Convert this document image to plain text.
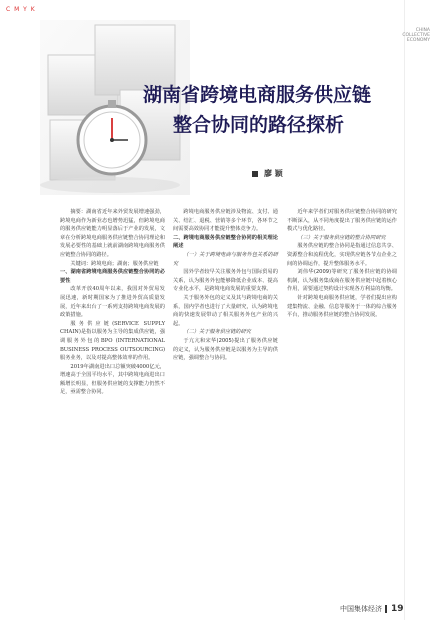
C M Y K
CHINA COLLECTIVE ECONOMY
湖南省跨境电商服务供应链
整合协同的路径探析
廖 颖

摘要：湖南省近年来外贸发展增速强劲，跨境电商作为新业态也增势迅猛，但跨境电商的服务供应链能力明显落后于产业的发展，文章在分析跨境电商服务供应链整合协同理论和发展必要性的基础上就前湖南跨境电商服务供应链整合协同的路径。

关键词：跨境电商；湖南；服务供应链

一、湖南省跨境电商服务供应链整合协同的必要性

改革开放40周年以来，我国对外贸易发展迅速，新时期国家为了推进外贸高质量发展，近年来出台了一系列支持跨境电商发展的政策措施。

服务供应链(SERVICE SUPPLY CHAIN)是指以服务为主导的集成供应链，强调服务外包的BPO (INTERNATIONAL BUSINESS PROCESS OUTSOURCING)服务业务，以及对提高整体效率的作用。

2019年湖南进出口总额突破4000亿元，增速高于全国平均水平，其中跨境电商进出口额增长明显，但服务供应链的支撑能力仍然不足，亟需整合协同。

跨境电商服务供应链涉及物流、支付、通关、结汇、退税、营销等多个环节，各环节之间需要高效协同才能提升整体竞争力。

二、跨境电商服务供应链整合协同的相关理论阐述

（一）关于跨境电商与服务外包关系的研究

国外学者较早关注服务外包与国际贸易的关系，认为服务外包能够降低企业成本、提高专业化水平，是跨境电商发展的重要支撑。

关于服务外包的定义及其与跨境电商的关系，国内学者也进行了大量研究，认为跨境电商的快速发展带动了相关服务外包产业的兴起。

（二）关于服务供应链的研究

于亢亢和宋华(2005)提出了服务供应链的定义，认为服务供应链是以服务为主导的供应链，强调整合与协同。

近年来学者们对服务供应链整合协同的研究不断深入，从不同角度提出了服务供应链的运作模式与优化路径。

（三）关于服务供应链的整合协同研究

服务供应链的整合协同是指通过信息共享、资源整合和流程优化，实现供应链各节点企业之间的协调运作，提升整体服务水平。

刘伟华(2009)等研究了服务供应链的协调机制，认为服务集成商在服务供应链中起着核心作用，需要通过契约设计实现各方利益的均衡。

针对跨境电商服务供应链，学者们提出应构建集物流、金融、信息等服务于一体的综合服务平台，推动服务供应链的整合协同发展。

中国集体经济 19
